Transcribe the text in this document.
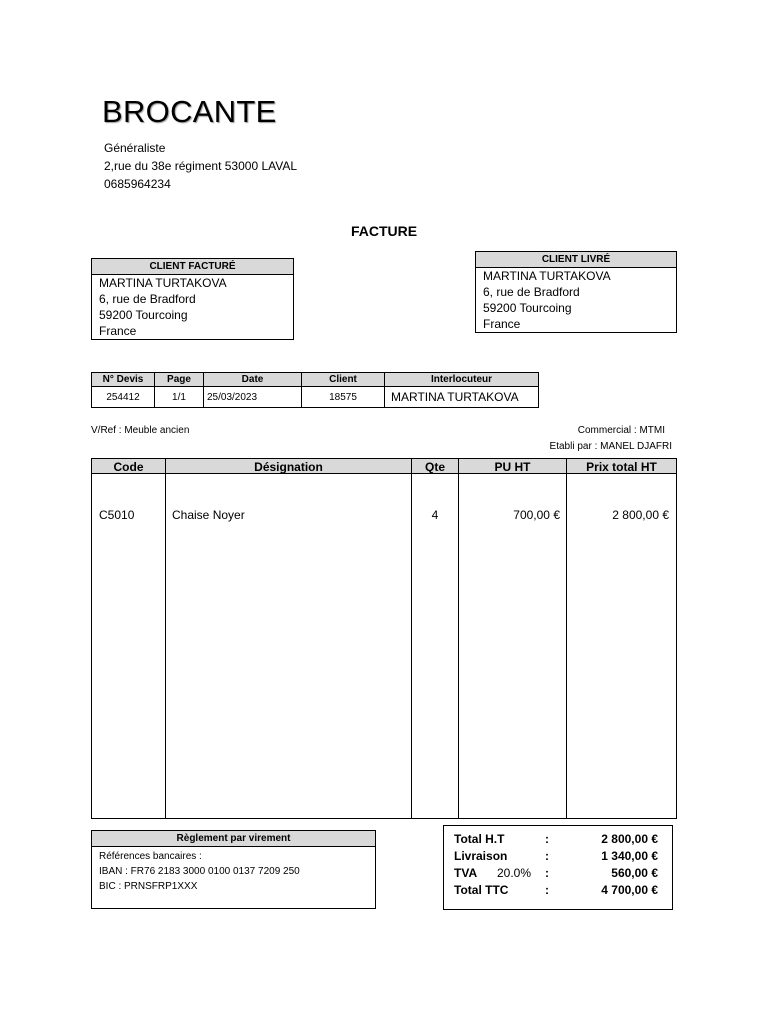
BROCANTE
Généraliste
2,rue du 38e régiment 53000 LAVAL
0685964234
FACTURE
CLIENT FACTURÉ
MARTINA TURTAKOVA
6, rue de Bradford
59200 Tourcoing
France
CLIENT LIVRÉ
MARTINA TURTAKOVA
6, rue de Bradford
59200 Tourcoing
France
N° Devis	Page	Date	Client	Interlocuteur
254412	1/1	25/03/2023	18575	MARTINA TURTAKOVA
V/Ref : Meuble ancien	Commercial : MTMI
Etabli par : MANEL DJAFRI
Code	Désignation	Qte	PU HT	Prix total HT
C5010	Chaise Noyer	4	700,00 €	2 800,00 €
Règlement par virement
Références bancaires :
IBAN : FR76 2183 3000 0100 0137 7209 250
BIC : PRNSFRP1XXX
Total H.T	:	2 800,00 €
Livraison	:	1 340,00 €
TVA 20.0% :	560,00 €
Total TTC	:	4 700,00 €
